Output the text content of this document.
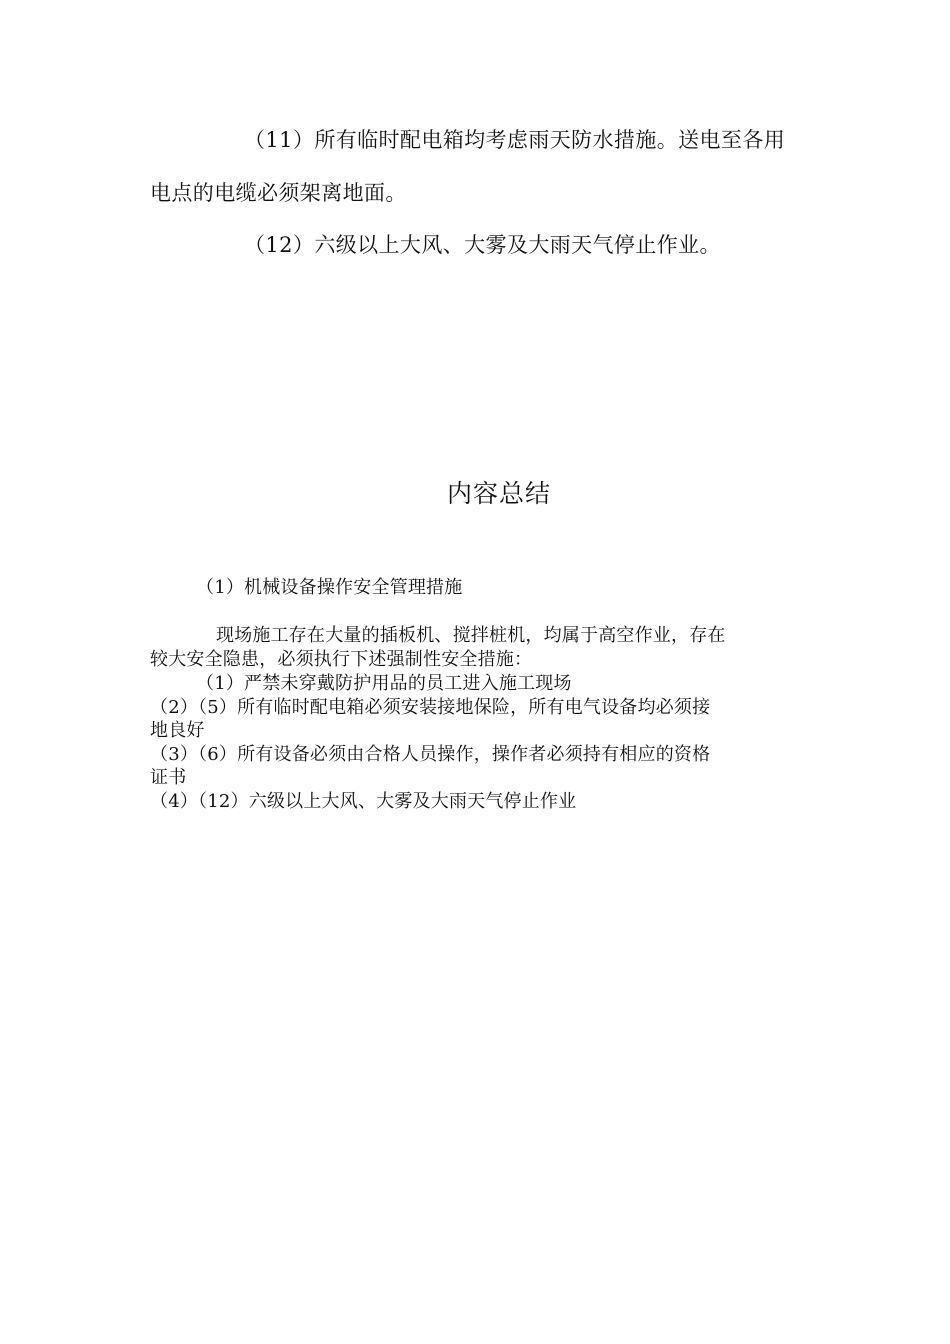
（11）所有临时配电箱均考虑雨天防水措施。送电至各用

电点的电缆必须架离地面。

（12）六级以上大风、大雾及大雨天气停止作业。

内容总结

（1）机械设备操作安全管理措施

现场施工存在大量的插板机、搅拌桩机，均属于高空作业，存在

较大安全隐患，必须执行下述强制性安全措施：

（1）严禁未穿戴防护用品的员工进入施工现场

（2）（5）所有临时配电箱必须安装接地保险，所有电气设备均必须接

地良好

（3）（6）所有设备必须由合格人员操作，操作者必须持有相应的资格

证书

（4）（12）六级以上大风、大雾及大雨天气停止作业
